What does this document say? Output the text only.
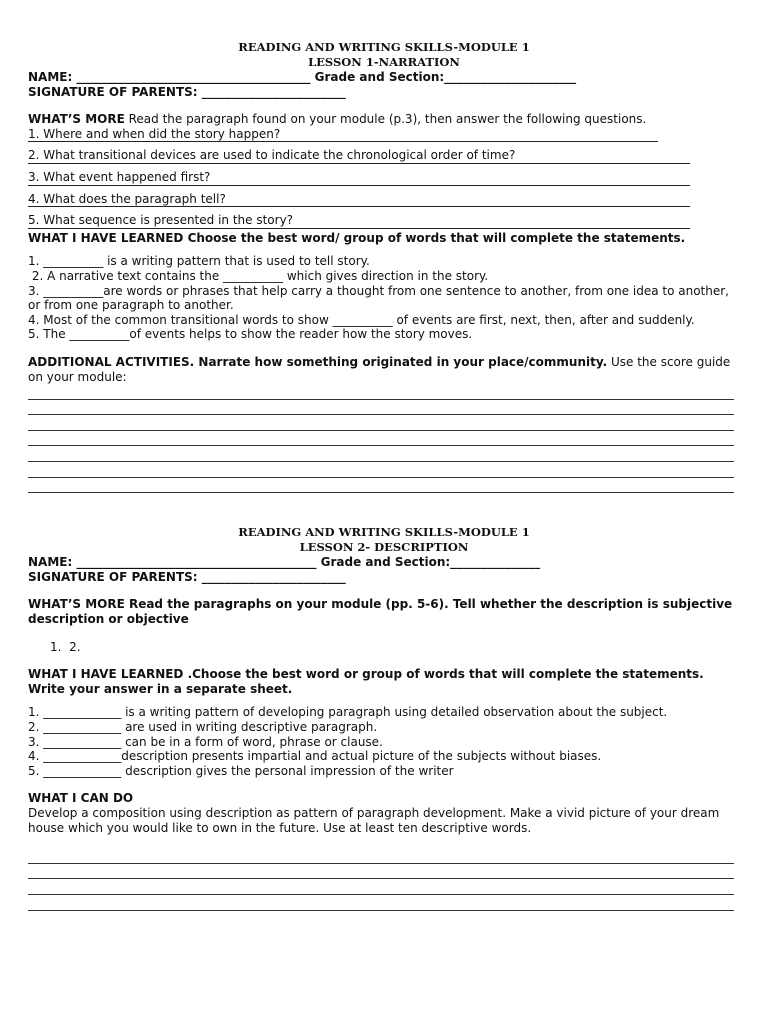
READING AND WRITING SKILLS-MODULE 1

LESSON 1-NARRATION

NAME: _______________________________________ Grade and Section:______________________

SIGNATURE OF PARENTS: ________________________

WHAT’S MORE Read the paragraph found on your module (p.3), then answer the following questions.

1. Where and when did the story happen?

2. What transitional devices are used to indicate the chronological order of time?

3. What event happened first?

4. What does the paragraph tell?

5. What sequence is presented in the story?

WHAT I HAVE LEARNED Choose the best word/ group of words that will complete the statements.

1. __________ is a writing pattern that is used to tell story.

2. A narrative text contains the __________ which gives direction in the story.

3. __________are words or phrases that help carry a thought from one sentence to another, from one idea to another, or from one paragraph to another.

4. Most of the common transitional words to show __________ of events are first, next, then, after and suddenly.

5. The __________of events helps to show the reader how the story moves.

ADDITIONAL ACTIVITIES. Narrate how something originated in your place/community. Use the score guide on your module:

READING AND WRITING SKILLS-MODULE 1

LESSON 2- DESCRIPTION

NAME: ________________________________________ Grade and Section:_______________

SIGNATURE OF PARENTS: ________________________

WHAT’S MORE Read the paragraphs on your module (pp. 5-6). Tell whether the description is subjective description or objective

1.  2.

WHAT I HAVE LEARNED .Choose the best word or group of words that will complete the statements. Write your answer in a separate sheet.

1. _____________ is a writing pattern of developing paragraph using detailed observation about the subject.

2. _____________ are used in writing descriptive paragraph.

3. _____________ can be in a form of word, phrase or clause.

4. _____________description presents impartial and actual picture of the subjects without biases.

5. _____________ description gives the personal impression of the writer

WHAT I CAN DO

Develop a composition using description as pattern of paragraph development. Make a vivid picture of your dream house which you would like to own in the future. Use at least ten descriptive words.
